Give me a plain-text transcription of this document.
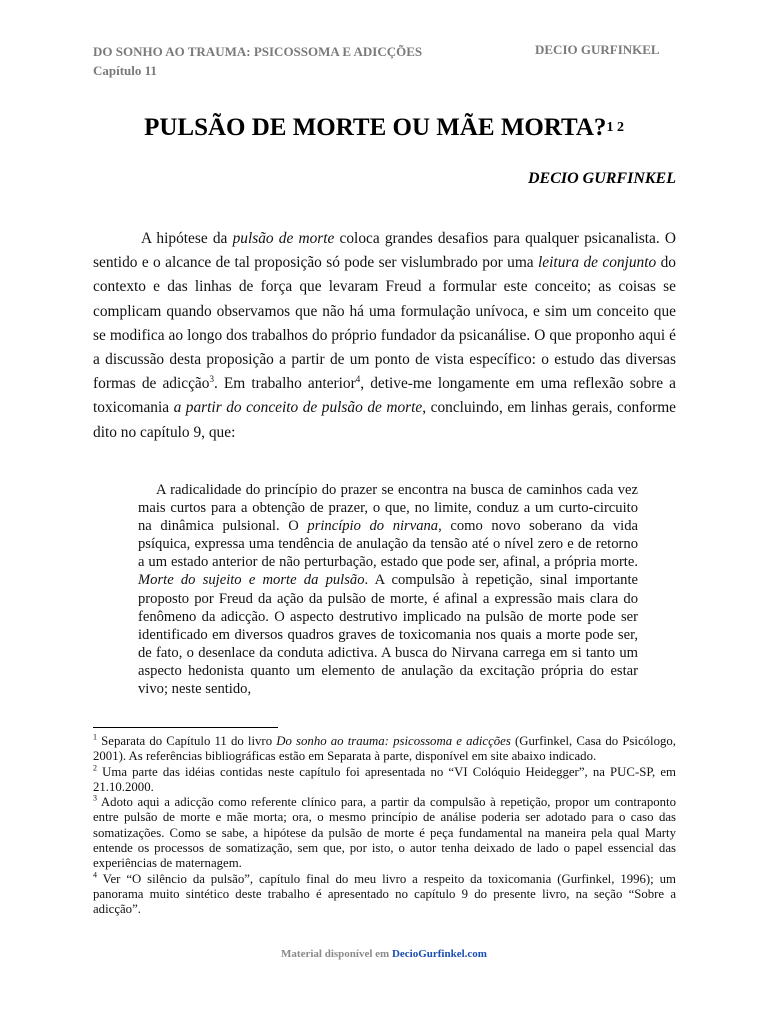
DO SONHO AO TRAUMA: PSICOSSOMA E ADICÇÕES
Capítulo 11
DECIO GURFINKEL
PULSÃO DE MORTE OU MÃE MORTA?$^{1 2}$
DECIO GURFINKEL

A hipótese da pulsão de morte coloca grandes desafios para qualquer psicanalista. O sentido e o alcance de tal proposição só pode ser vislumbrado por uma leitura de conjunto do contexto e das linhas de força que levaram Freud a formular este conceito; as coisas se complicam quando observamos que não há uma formulação unívoca, e sim um conceito que se modifica ao longo dos trabalhos do próprio fundador da psicanálise. O que proponho aqui é a discussão desta proposição a partir de um ponto de vista específico: o estudo das diversas formas de adicção$^3$. Em trabalho anterior$^4$, detive-me longamente em uma reflexão sobre a toxicomania a partir do conceito de pulsão de morte, concluindo, em linhas gerais, conforme dito no capítulo 9, que:

A radicalidade do princípio do prazer se encontra na busca de caminhos cada vez mais curtos para a obtenção de prazer, o que, no limite, conduz a um curto-circuito na dinâmica pulsional. O princípio do nirvana, como novo soberano da vida psíquica, expressa uma tendência de anulação da tensão até o nível zero e de retorno a um estado anterior de não perturbação, estado que pode ser, afinal, a própria morte. Morte do sujeito e morte da pulsão. A compulsão à repetição, sinal importante proposto por Freud da ação da pulsão de morte, é afinal a expressão mais clara do fenômeno da adicção. O aspecto destrutivo implicado na pulsão de morte pode ser identificado em diversos quadros graves de toxicomania nos quais a morte pode ser, de fato, o desenlace da conduta adictiva. A busca do Nirvana carrega em si tanto um aspecto hedonista quanto um elemento de anulação da excitação própria do estar vivo; neste sentido,

$^1$ Separata do Capítulo 11 do livro Do sonho ao trauma: psicossoma e adicções (Gurfinkel, Casa do Psicólogo, 2001). As referências bibliográficas estão em Separata à parte, disponível em site abaixo indicado.

$^2$ Uma parte das idéias contidas neste capítulo foi apresentada no “VI Colóquio Heidegger”, na PUC-SP, em 21.10.2000.

$^3$ Adoto aqui a adicção como referente clínico para, a partir da compulsão à repetição, propor um contraponto entre pulsão de morte e mãe morta; ora, o mesmo princípio de análise poderia ser adotado para o caso das somatizações. Como se sabe, a hipótese da pulsão de morte é peça fundamental na maneira pela qual Marty entende os processos de somatização, sem que, por isto, o autor tenha deixado de lado o papel essencial das experiências de maternagem.

$^4$ Ver “O silêncio da pulsão”, capítulo final do meu livro a respeito da toxicomania (Gurfinkel, 1996); um panorama muito sintético deste trabalho é apresentado no capítulo 9 do presente livro, na seção “Sobre a adicção”.

Material disponível em DecioGurfinkel.com
